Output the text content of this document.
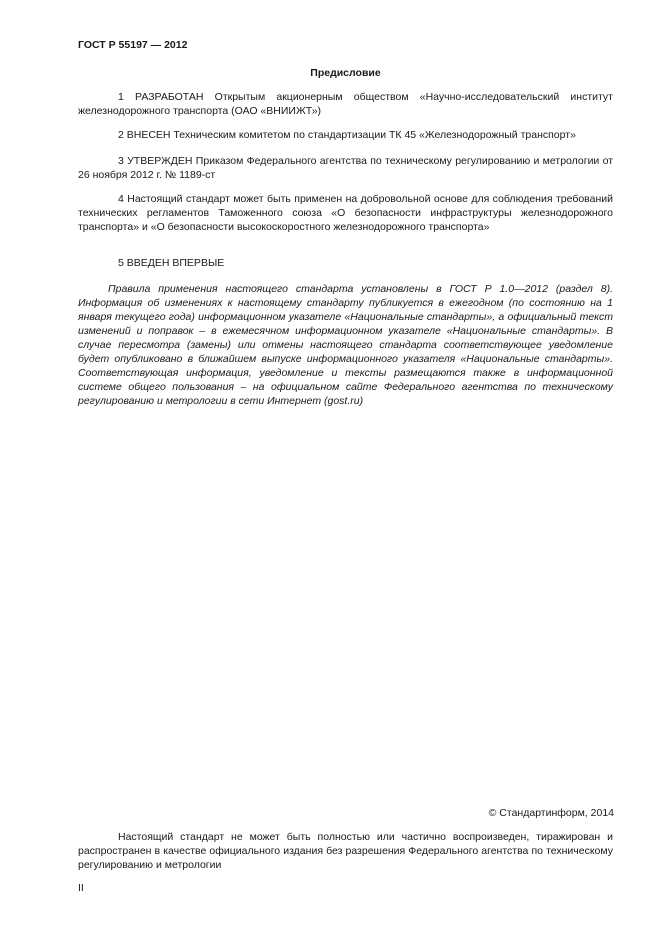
ГОСТ Р 55197 — 2012
Предисловие

1 РАЗРАБОТАН Открытым акционерным обществом «Научно-исследовательский институт железнодорожного транспорта (ОАО «ВНИИЖТ»)

2 ВНЕСЕН Техническим комитетом по стандартизации ТК 45 «Железнодорожный транспорт»

3 УТВЕРЖДЕН Приказом Федерального агентства по техническому регулированию и метрологии от 26 ноября 2012 г. № 1189-ст

4 Настоящий стандарт может быть применен на добровольной основе для соблюдения требований технических регламентов Таможенного союза «О безопасности инфраструктуры железнодорожного транспорта» и «О безопасности высокоскоростного железнодорожного транспорта»

5 ВВЕДЕН ВПЕРВЫЕ

Правила применения настоящего стандарта установлены в ГОСТ Р 1.0—2012 (раздел 8). Информация об изменениях к настоящему стандарту публикуется в ежегодном (по состоянию на 1 января текущего года) информационном указателе «Национальные стандарты», а официальный текст изменений и поправок – в ежемесячном информационном указателе «Национальные стандарты». В случае пересмотра (замены) или отмены настоящего стандарта соответствующее уведомление будет опубликовано в ближайшем выпуске информационного указателя «Национальные стандарты». Соответствующая информация, уведомление и тексты размещаются также в информационной системе общего пользования – на официальном сайте Федерального агентства по техническому регулированию и метрологии в сети Интернет (gost.ru)

© Стандартинформ, 2014

Настоящий стандарт не может быть полностью или частично воспроизведен, тиражирован и распространен в качестве официального издания без разрешения Федерального агентства по техническому регулированию и метрологии

II
